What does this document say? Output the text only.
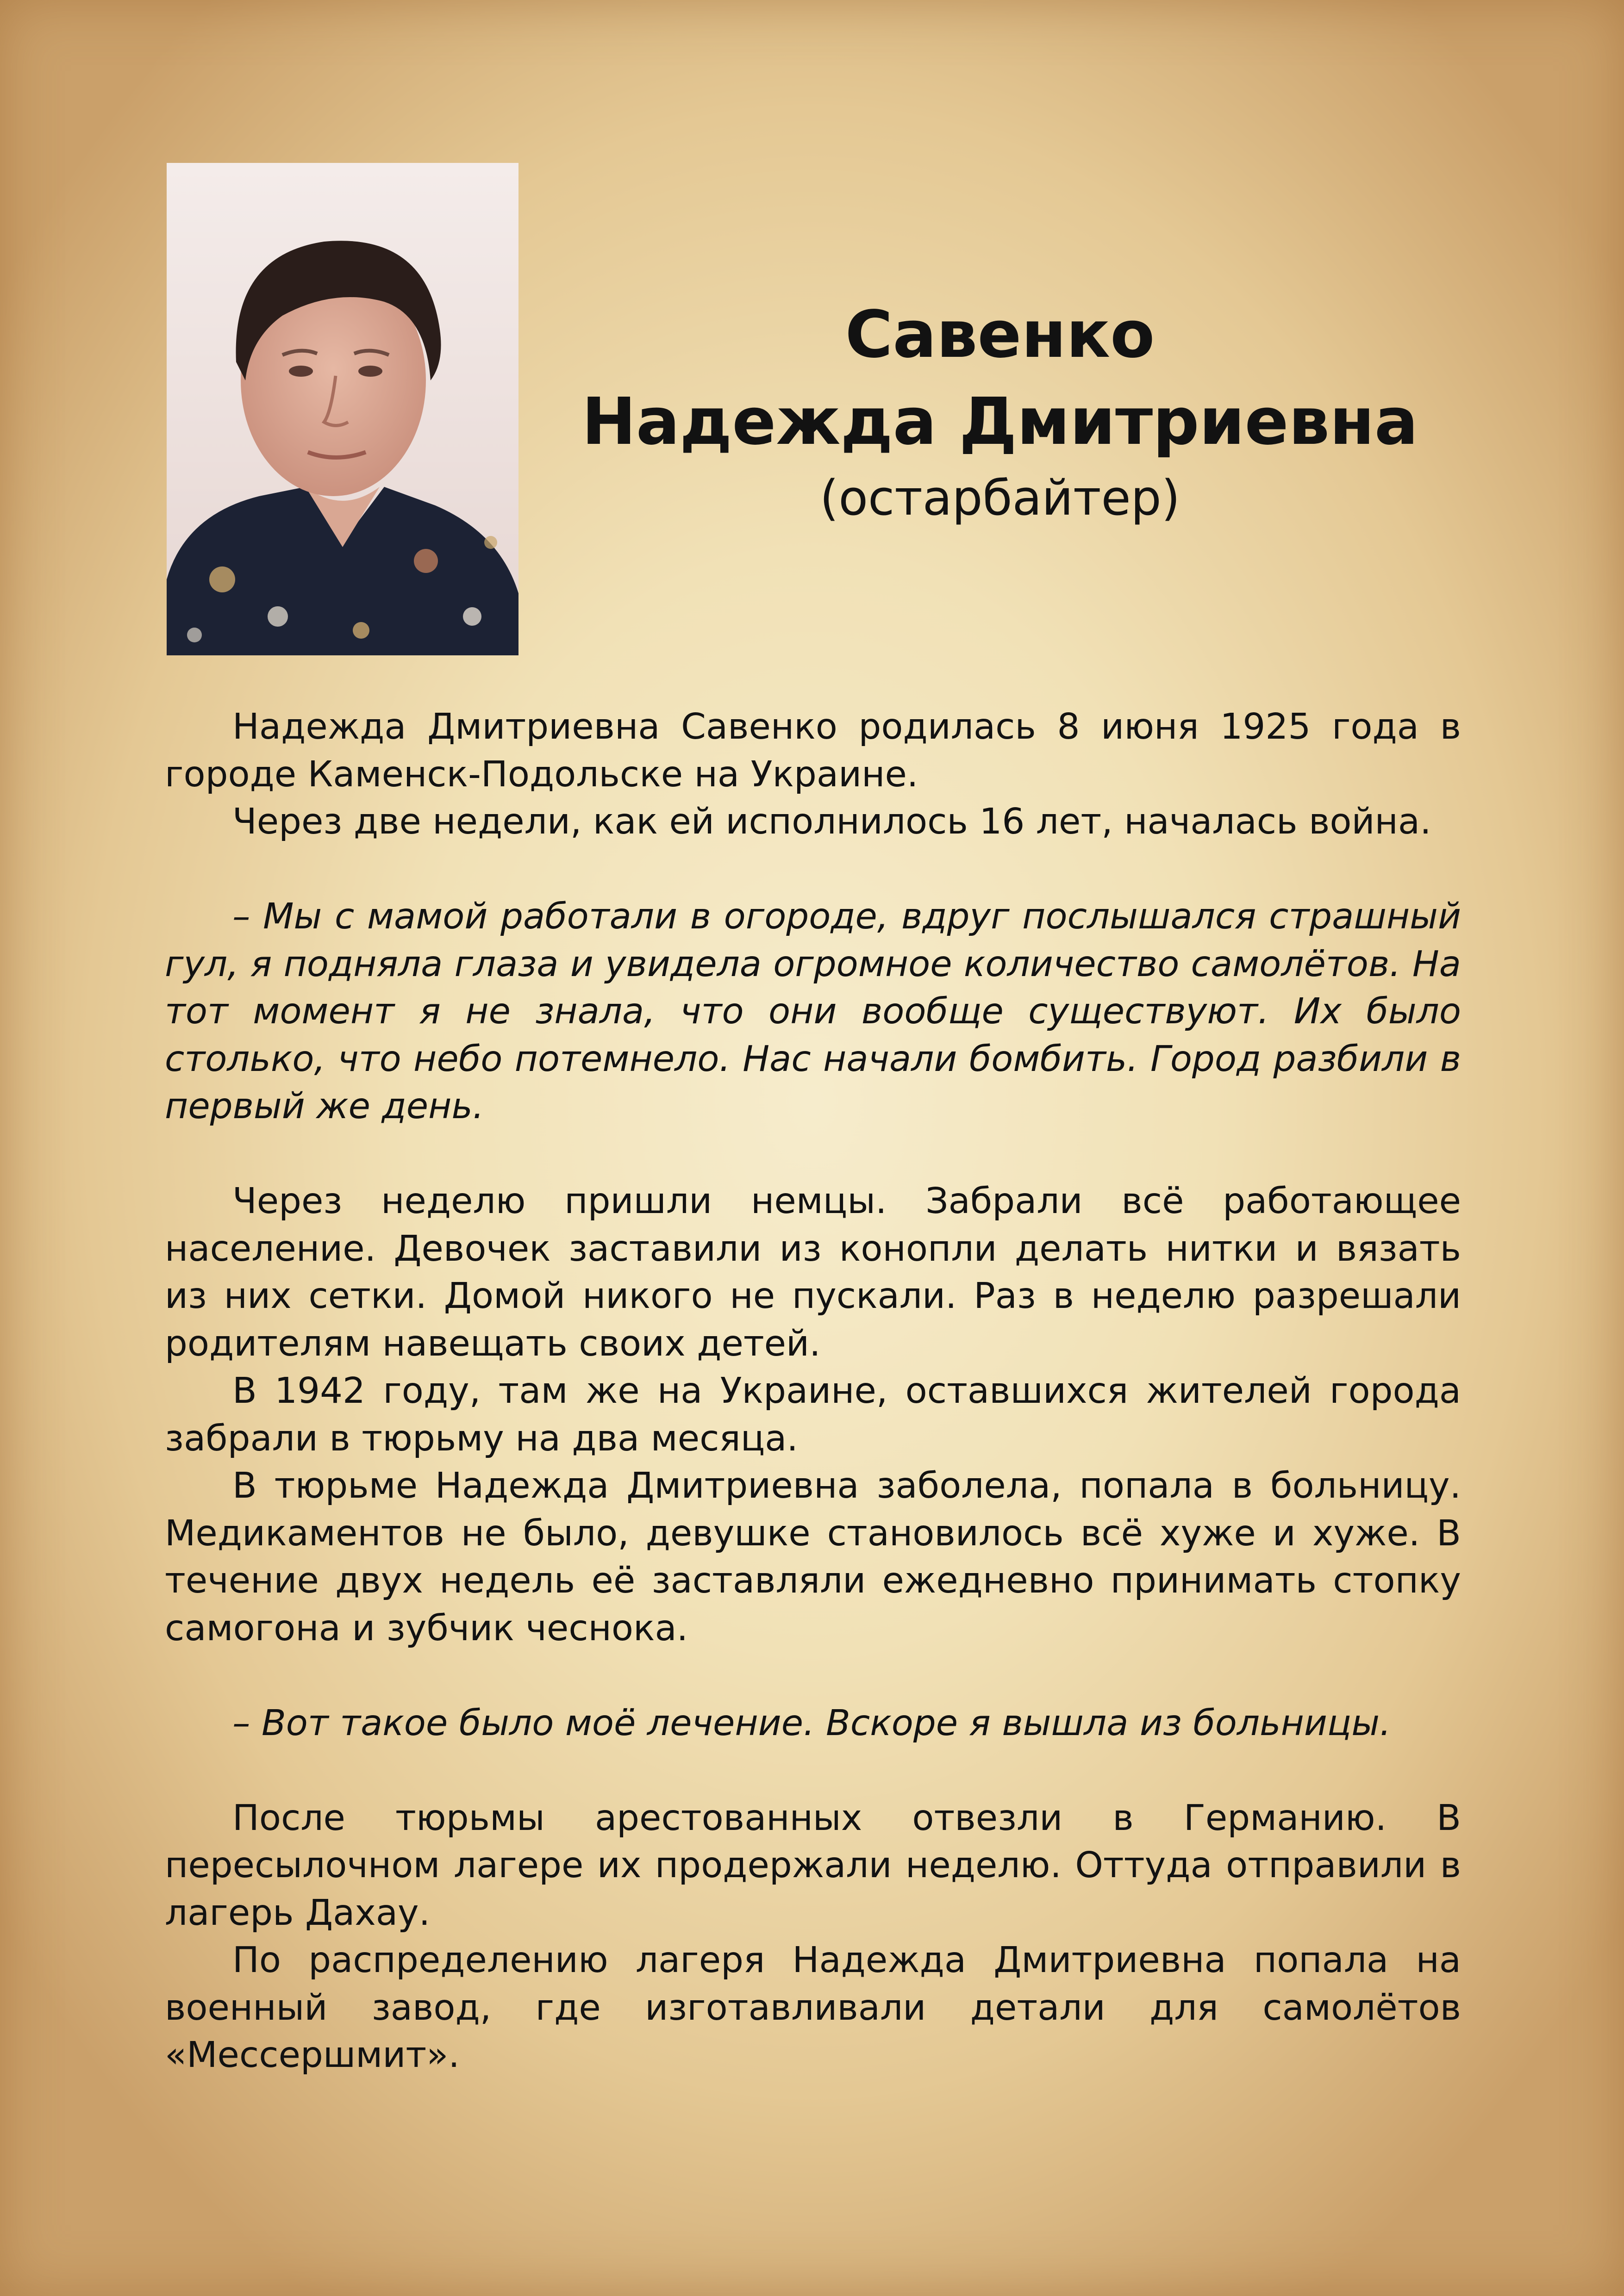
Савенко

Надежда Дмитриевна

(остарбайтер)

Надежда Дмитриевна Савенко родилась 8 июня 1925 года в городе Каменск-Подольске на Украине.

Через две недели, как ей исполнилось 16 лет, началась война.

– Мы с мамой работали в огороде, вдруг послышался страшный гул, я подняла глаза и увидела огромное количество самолётов. На тот момент я не знала, что они вообще существуют. Их было столько, что небо потемнело. Нас начали бомбить. Город разбили в первый же день.

Через неделю пришли немцы. Забрали всё работающее население. Девочек заставили из конопли делать нитки и вязать из них сетки. Домой никого не пускали. Раз в неделю разрешали родителям навещать своих детей.

В 1942 году, там же на Украине, оставшихся жителей города забрали в тюрьму на два месяца.

В тюрьме Надежда Дмитриевна заболела, попала в больницу. Медикаментов не было, девушке становилось всё хуже и хуже. В течение двух недель её заставляли ежедневно принимать стопку самогона и зубчик чеснока.

– Вот такое было моё лечение. Вскоре я вышла из больницы.

После тюрьмы арестованных отвезли в Германию. В пересылочном лагере их продержали неделю. Оттуда отправили в лагерь Дахау.

По распределению лагеря Надежда Дмитриевна попала на военный завод, где изготавливали детали для самолётов «Мессершмит».
